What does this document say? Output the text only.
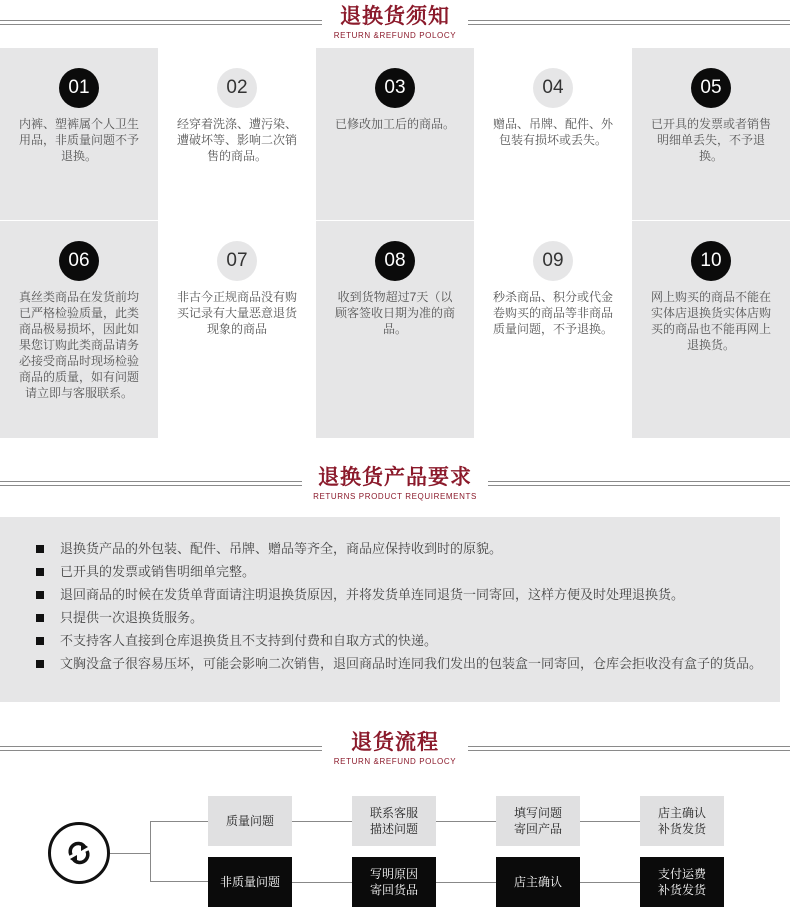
退换货须知
RETURN &REFUND POLOCY
01
内裤、塑裤属个人卫生用品，非质量问题不予退换。
02
经穿着洗涤、遭污染、遭破坏等、影响二次销售的商品。
03
已修改加工后的商品。
04
赠品、吊牌、配件、外包装有损坏或丢失。
05
已开具的发票或者销售明细单丢失，不予退换。
06
真丝类商品在发货前均已严格检验质量，此类商品极易损坏，因此如果您订购此类商品请务必接受商品时现场检验商品的质量，如有问题请立即与客服联系。
07
非古今正规商品没有购买记录有大量恶意退货现象的商品
08
收到货物超过7天（以顾客签收日期为准的商品。
09
秒杀商品、积分或代金卷购买的商品等非商品质量问题，不予退换。
10
网上购买的商品不能在实体店退换货实体店购买的商品也不能再网上退换货。
退换货产品要求
RETURNS PRODUCT REQUIREMENTS
退换货产品的外包装、配件、吊牌、赠品等齐全，商品应保持收到时的原貌。
已开具的发票或销售明细单完整。
退回商品的时候在发货单背面请注明退换货原因，并将发货单连同退货一同寄回，这样方便及时处理退换货。
只提供一次退换货服务。
不支持客人直接到仓库退换货且不支持到付费和自取方式的快递。
文胸没盒子很容易压坏，可能会影响二次销售，退回商品时连同我们发出的包装盒一同寄回，仓库会拒收没有盒子的货品。
退货流程
RETURN &REFUND POLOCY
质量问题
联系客服
描述问题
填写问题
寄回产品
店主确认
补货发货
非质量问题
写明原因
寄回货品
店主确认
支付运费
补货发货
